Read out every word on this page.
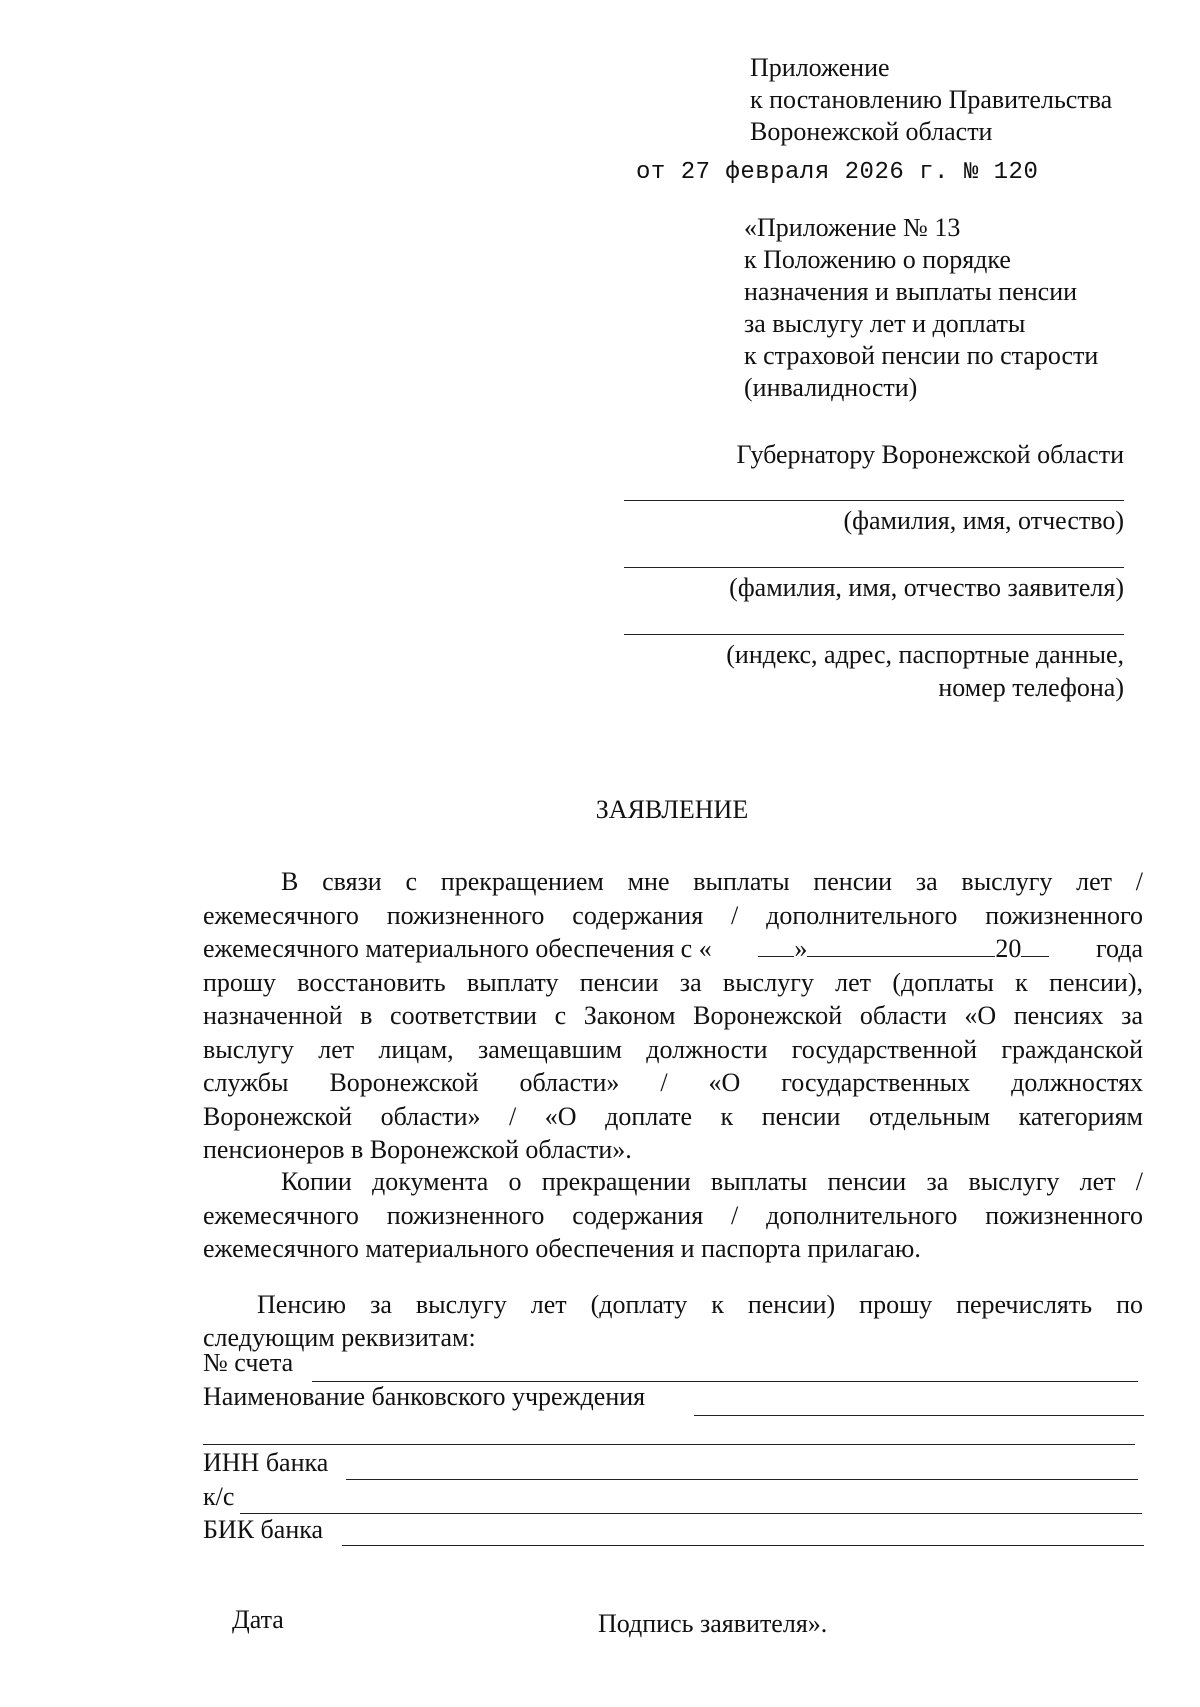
Приложение
к постановлению Правительства
Воронежской области
от 27 февраля 2026 г. № 120
«Приложение № 13
к Положению о порядке
назначения и выплаты пенсии
за выслугу лет и доплаты
к страховой пенсии по старости
(инвалидности)
Губернатору Воронежской области
(фамилия, имя, отчество)
(фамилия, имя, отчество заявителя)
(индекс, адрес, паспортные данные,
номер телефона)
ЗАЯВЛЕНИЕ
В связи с прекращением мне выплаты пенсии за выслугу лет /
ежемесячного пожизненного содержания / дополнительного пожизненного
ежемесячного материального обеспечения с «	»	20	года
прошу восстановить выплату пенсии за выслугу лет (доплаты к пенсии),
назначенной в соответствии с Законом Воронежской области «О пенсиях за
выслугу лет лицам, замещавшим должности государственной гражданской
службы Воронежской области» / «О государственных должностях
Воронежской области» / «О доплате к пенсии отдельным категориям
пенсионеров в Воронежской области».
Копии документа о прекращении выплаты пенсии за выслугу лет /
ежемесячного пожизненного содержания / дополнительного пожизненного
ежемесячного материального обеспечения и паспорта прилагаю.
Пенсию за выслугу лет (доплату к пенсии) прошу перечислять по
следующим реквизитам:
№ счета
Наименование банковского учреждения
ИНН банка
к/с
БИК банка
Дата	Подпись заявителя».
